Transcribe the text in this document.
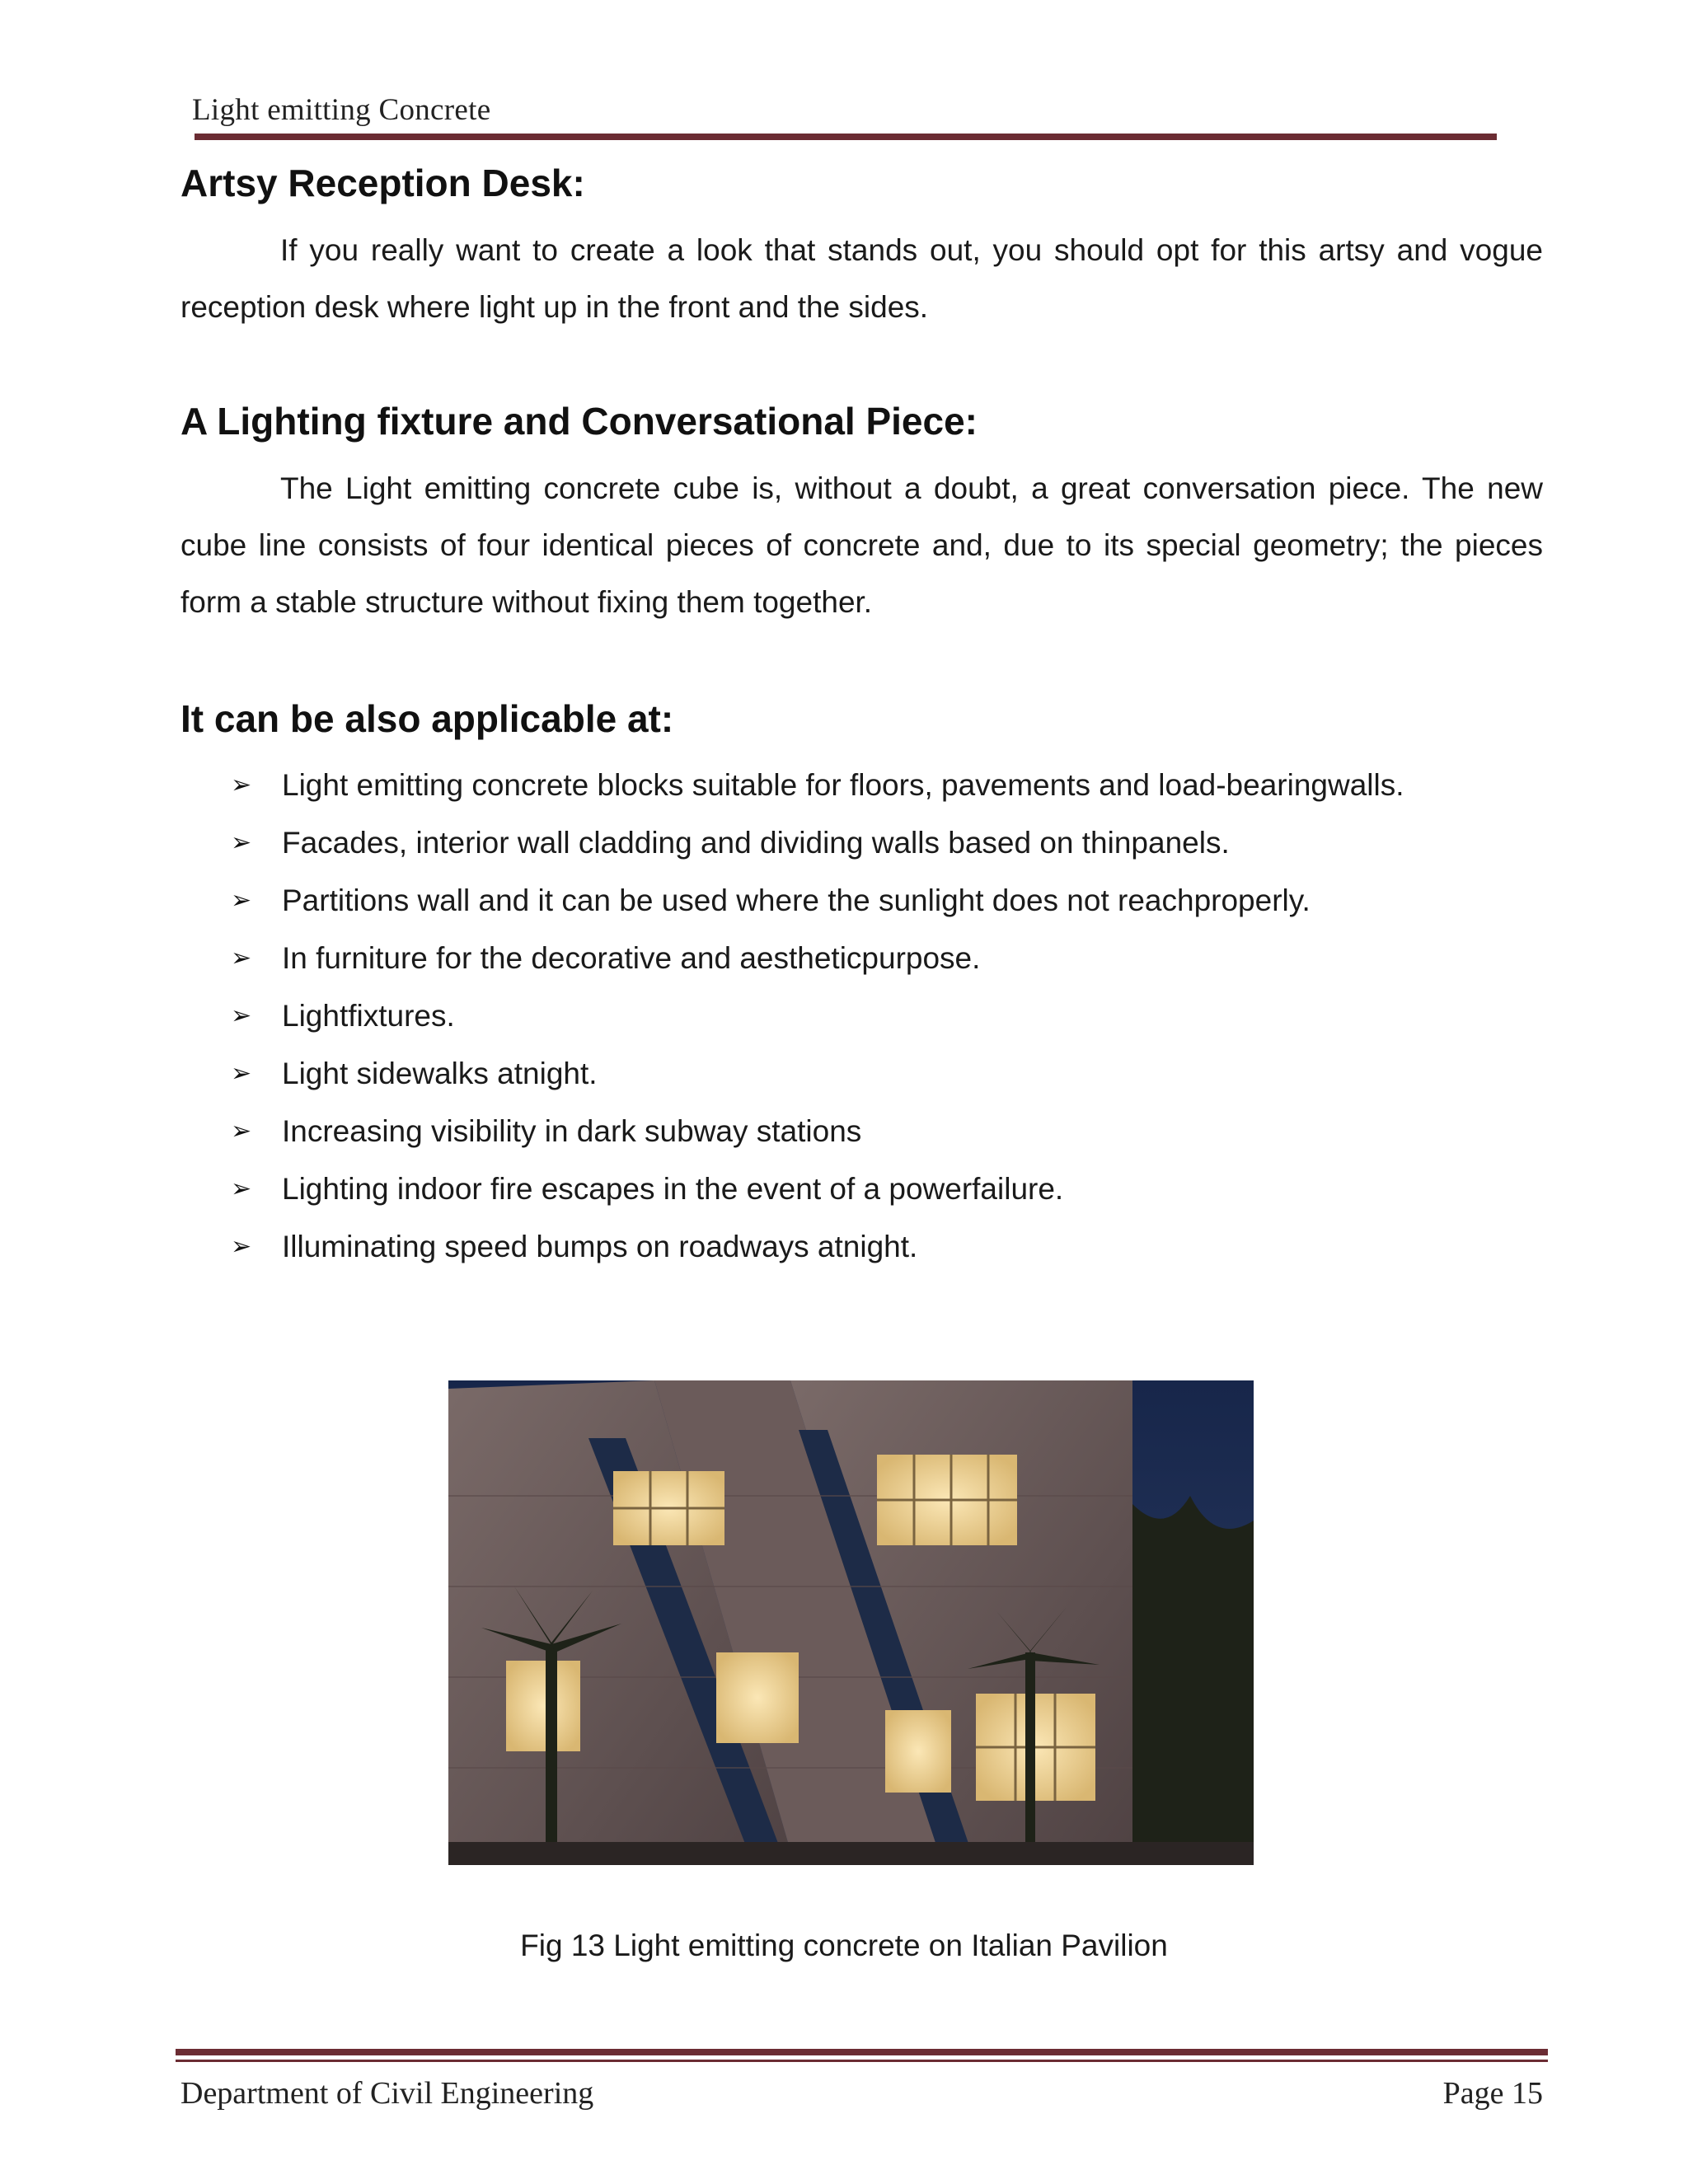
Light emitting Concrete
Artsy Reception Desk:

If you really want to create a look that stands out, you should opt for this artsy and vogue reception desk where light up in the front and the sides.

A Lighting fixture and Conversational Piece:

The Light emitting concrete cube is, without a doubt, a great conversation piece. The new cube line consists of four identical pieces of concrete and, due to its special geometry; the pieces form a stable structure without fixing them together.

It can be also applicable at:
➢ Light emitting concrete blocks suitable for floors, pavements and load-bearingwalls.
➢ Facades, interior wall cladding and dividing walls based on thinpanels.
➢ Partitions wall and it can be used where the sunlight does not reachproperly.
➢ In furniture for the decorative and aestheticpurpose.
➢ Lightfixtures.
➢ Light sidewalks atnight.
➢ Increasing visibility in dark subway stations
➢ Lighting indoor fire escapes in the event of a powerfailure.
➢ Illuminating speed bumps on roadways atnight.
Fig 13 Light emitting concrete on Italian Pavilion
Department of Civil Engineering	Page 15
